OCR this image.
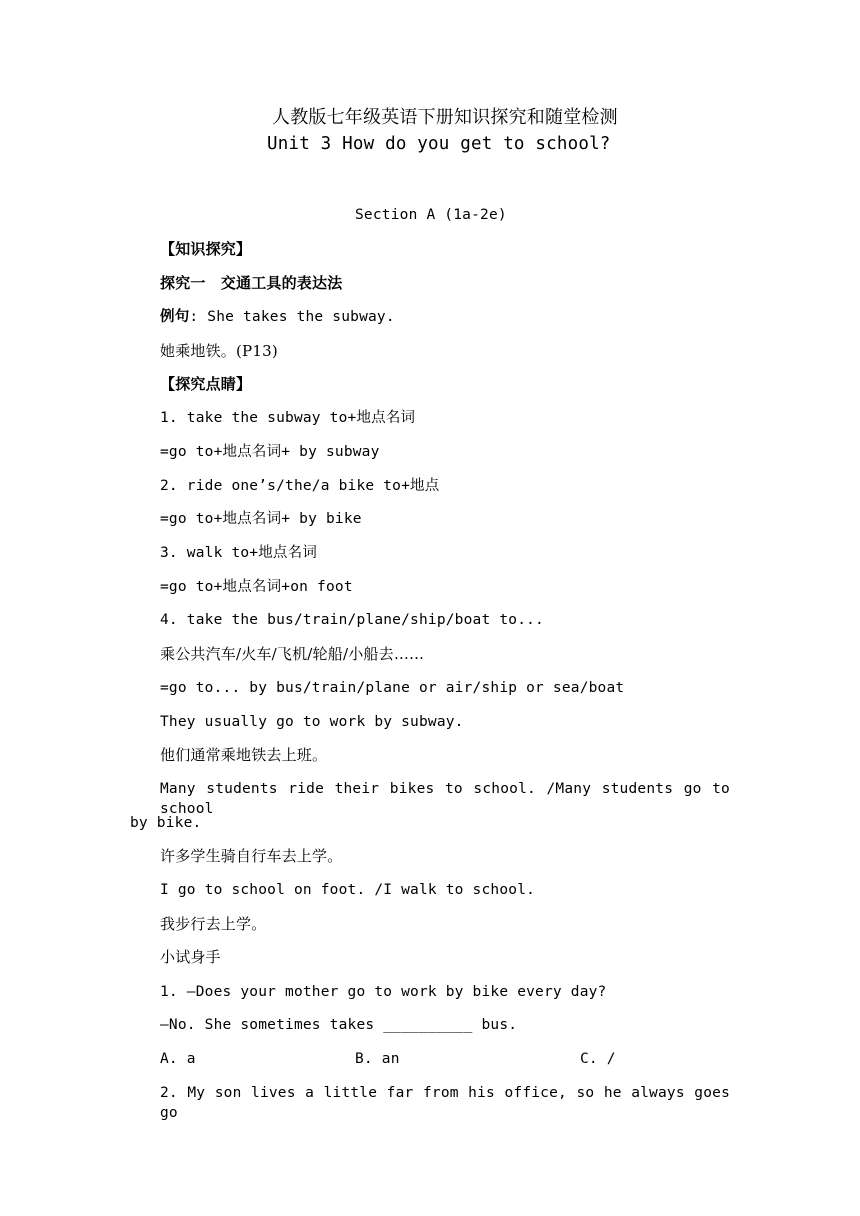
人教版七年级英语下册知识探究和随堂检测
Unit 3 How do you get to school?
Section A (1a-2e)
【知识探究】
探究一　交通工具的表达法
例句: She takes the subway.
她乘地铁。(P13)
【探究点睛】
1. take the subway to+地点名词
=go to+地点名词+ by subway
2. ride one’s/the/a bike to+地点
=go to+地点名词+ by bike
3. walk to+地点名词
=go to+地点名词+on foot
4. take the bus/train/plane/ship/boat to...
乘公共汽车/火车/飞机/轮船/小船去……
=go to... by bus/train/plane or air/ship or sea/boat
They usually go to work by subway.
他们通常乘地铁去上班。
Many students ride their bikes to school. /Many students go to school
by bike.
许多学生骑自行车去上学。
I go to school on foot. /I walk to school.
我步行去上学。
小试身手
1. —Does your mother go to work by bike every day?
—No. She sometimes takes __________ bus.
A. a	B. an	C. /
2. My son lives a little far from his office, so he always goes go
